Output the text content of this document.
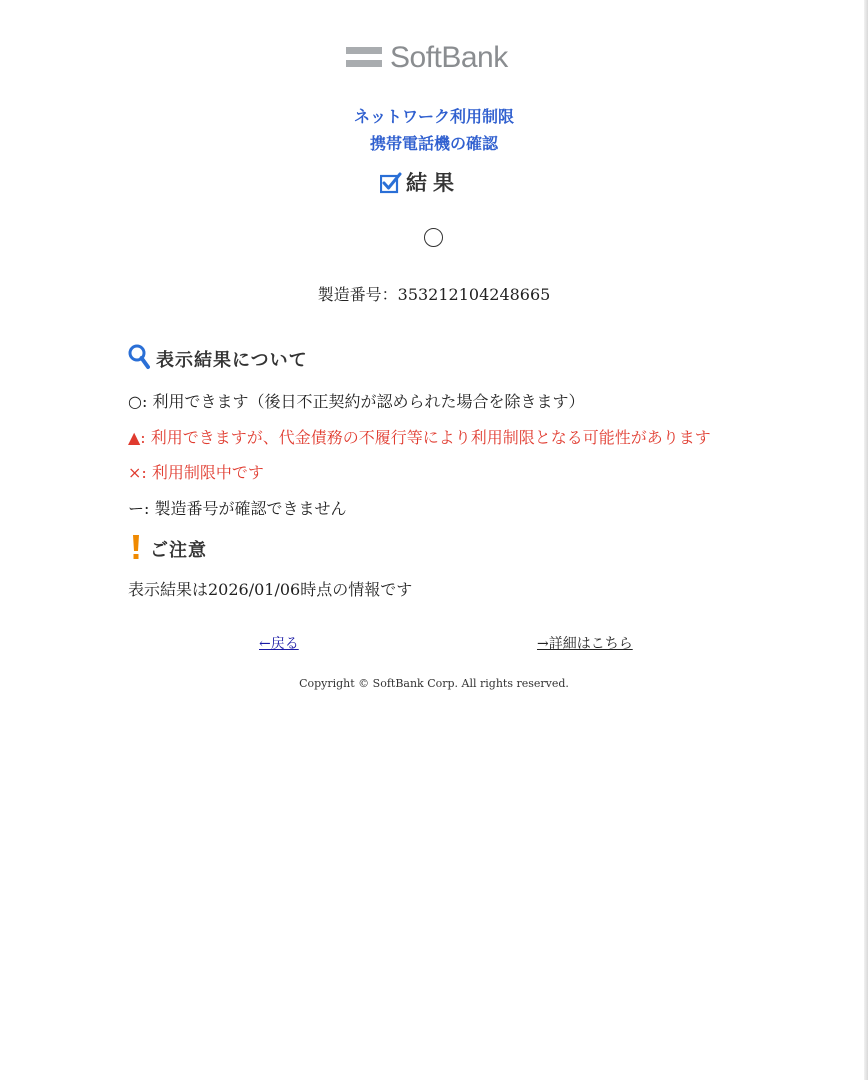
SoftBank
ネットワーク利用制限
携帯電話機の確認
結果
製造番号：353212104248665
表示結果について
○: 利用できます（後日不正契約が認められた場合を除きます）
▲: 利用できますが、代金債務の不履行等により利用制限となる可能性があります
×: 利用制限中です
ー: 製造番号が確認できません
ご注意
表示結果は2026/01/06時点の情報です
←戻る	→詳細はこちら
Copyright © SoftBank Corp. All rights reserved.
